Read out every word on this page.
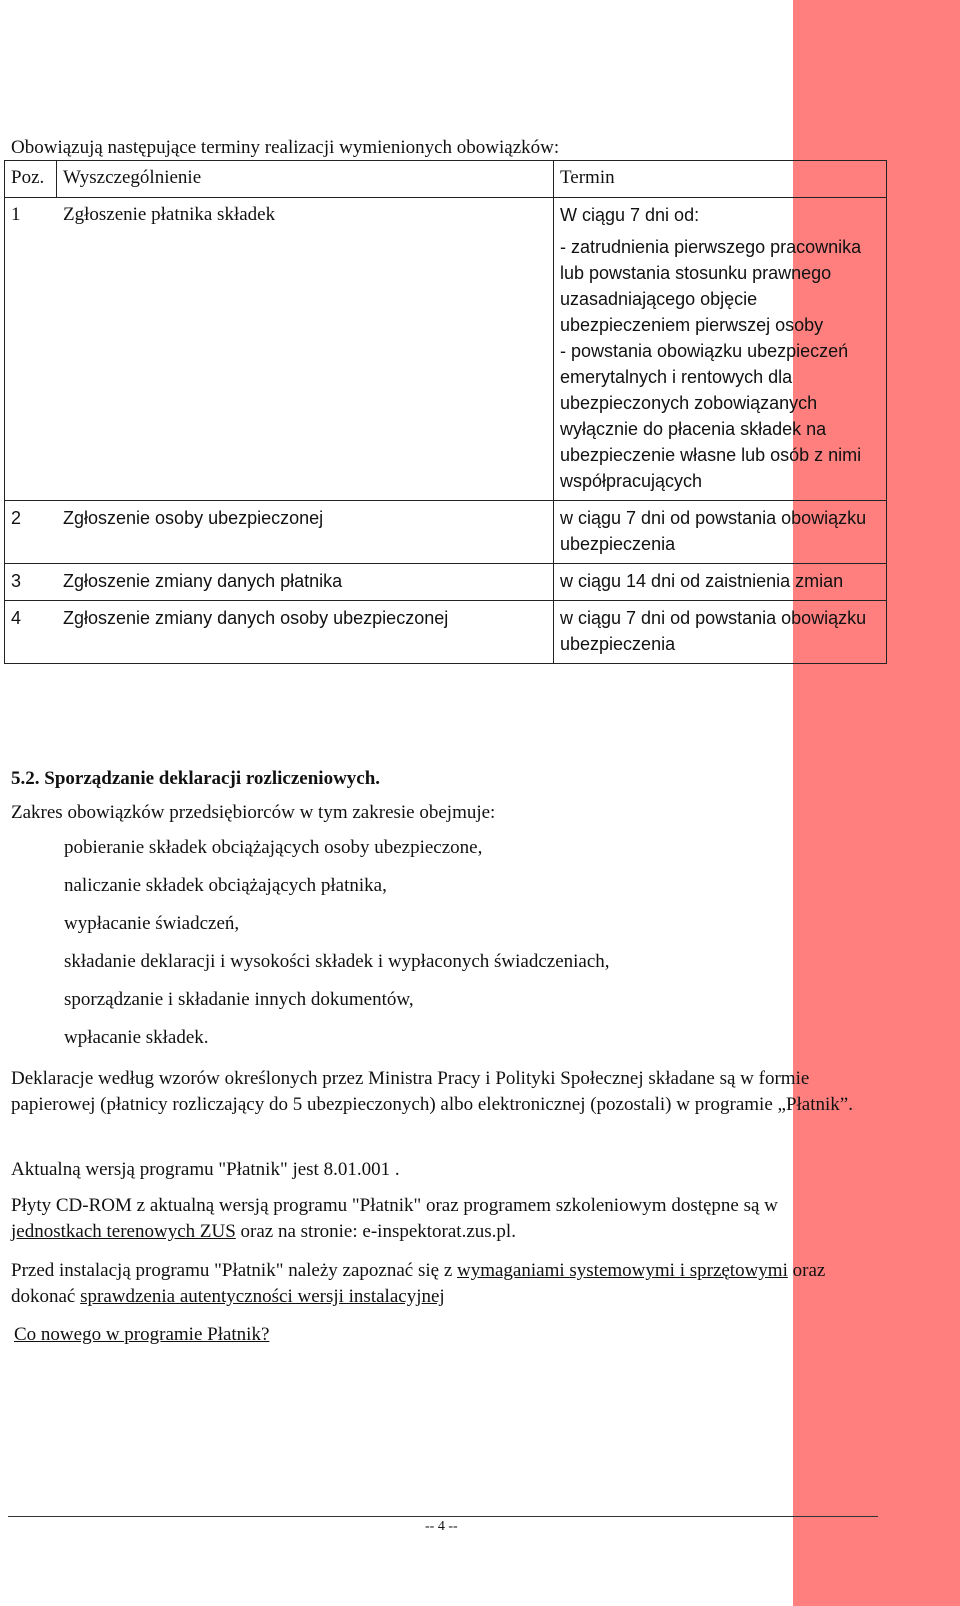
Obowiązują następujące terminy realizacji wymienionych obowiązków:

Poz.	Wyszczególnienie	Termin
1 Zgłoszenie płatnika składek		W ciągu 7 dni od:
- zatrudnienia pierwszego pracownika lub powstania stosunku prawnego uzasadniającego objęcie ubezpieczeniem pierwszej osoby
- powstania obowiązku ubezpieczeń emerytalnych i rentowych dla ubezpieczonych zobowiązanych wyłącznie do płacenia składek na ubezpieczenie własne lub osób z nimi współpracujących

2 Zgłoszenie osoby ubezpieczonej		w ciągu 7 dni od powstania obowiązku ubezpieczenia
3 Zgłoszenie zmiany danych płatnika		w ciągu 14 dni od zaistnienia zmian
4 Zgłoszenie zmiany danych osoby ubezpieczonej		w ciągu 7 dni od powstania obowiązku ubezpieczenia

5.2. Sporządzanie deklaracji rozliczeniowych.

Zakres obowiązków przedsiębiorców w tym zakresie obejmuje:

pobieranie składek obciążających osoby ubezpieczone,
naliczanie składek obciążających płatnika,
wypłacanie świadczeń,
składanie deklaracji i wysokości składek i wypłaconych świadczeniach,
sporządzanie i składanie innych dokumentów,
wpłacanie składek.

Deklaracje według wzorów określonych przez Ministra Pracy i Polityki Społecznej składane są w formie papierowej (płatnicy rozliczający do 5 ubezpieczonych) albo elektronicznej (pozostali) w programie „Płatnik”.

Aktualną wersją programu "Płatnik" jest 8.01.001 .

Płyty CD-ROM z aktualną wersją programu "Płatnik" oraz programem szkoleniowym dostępne są w jednostkach terenowych ZUS oraz na stronie: e-inspektorat.zus.pl.

Przed instalacją programu "Płatnik" należy zapoznać się z wymaganiami systemowymi i sprzętowymi oraz dokonać sprawdzenia autentyczności wersji instalacyjnej

Co nowego w programie Płatnik?

-- 4 --
